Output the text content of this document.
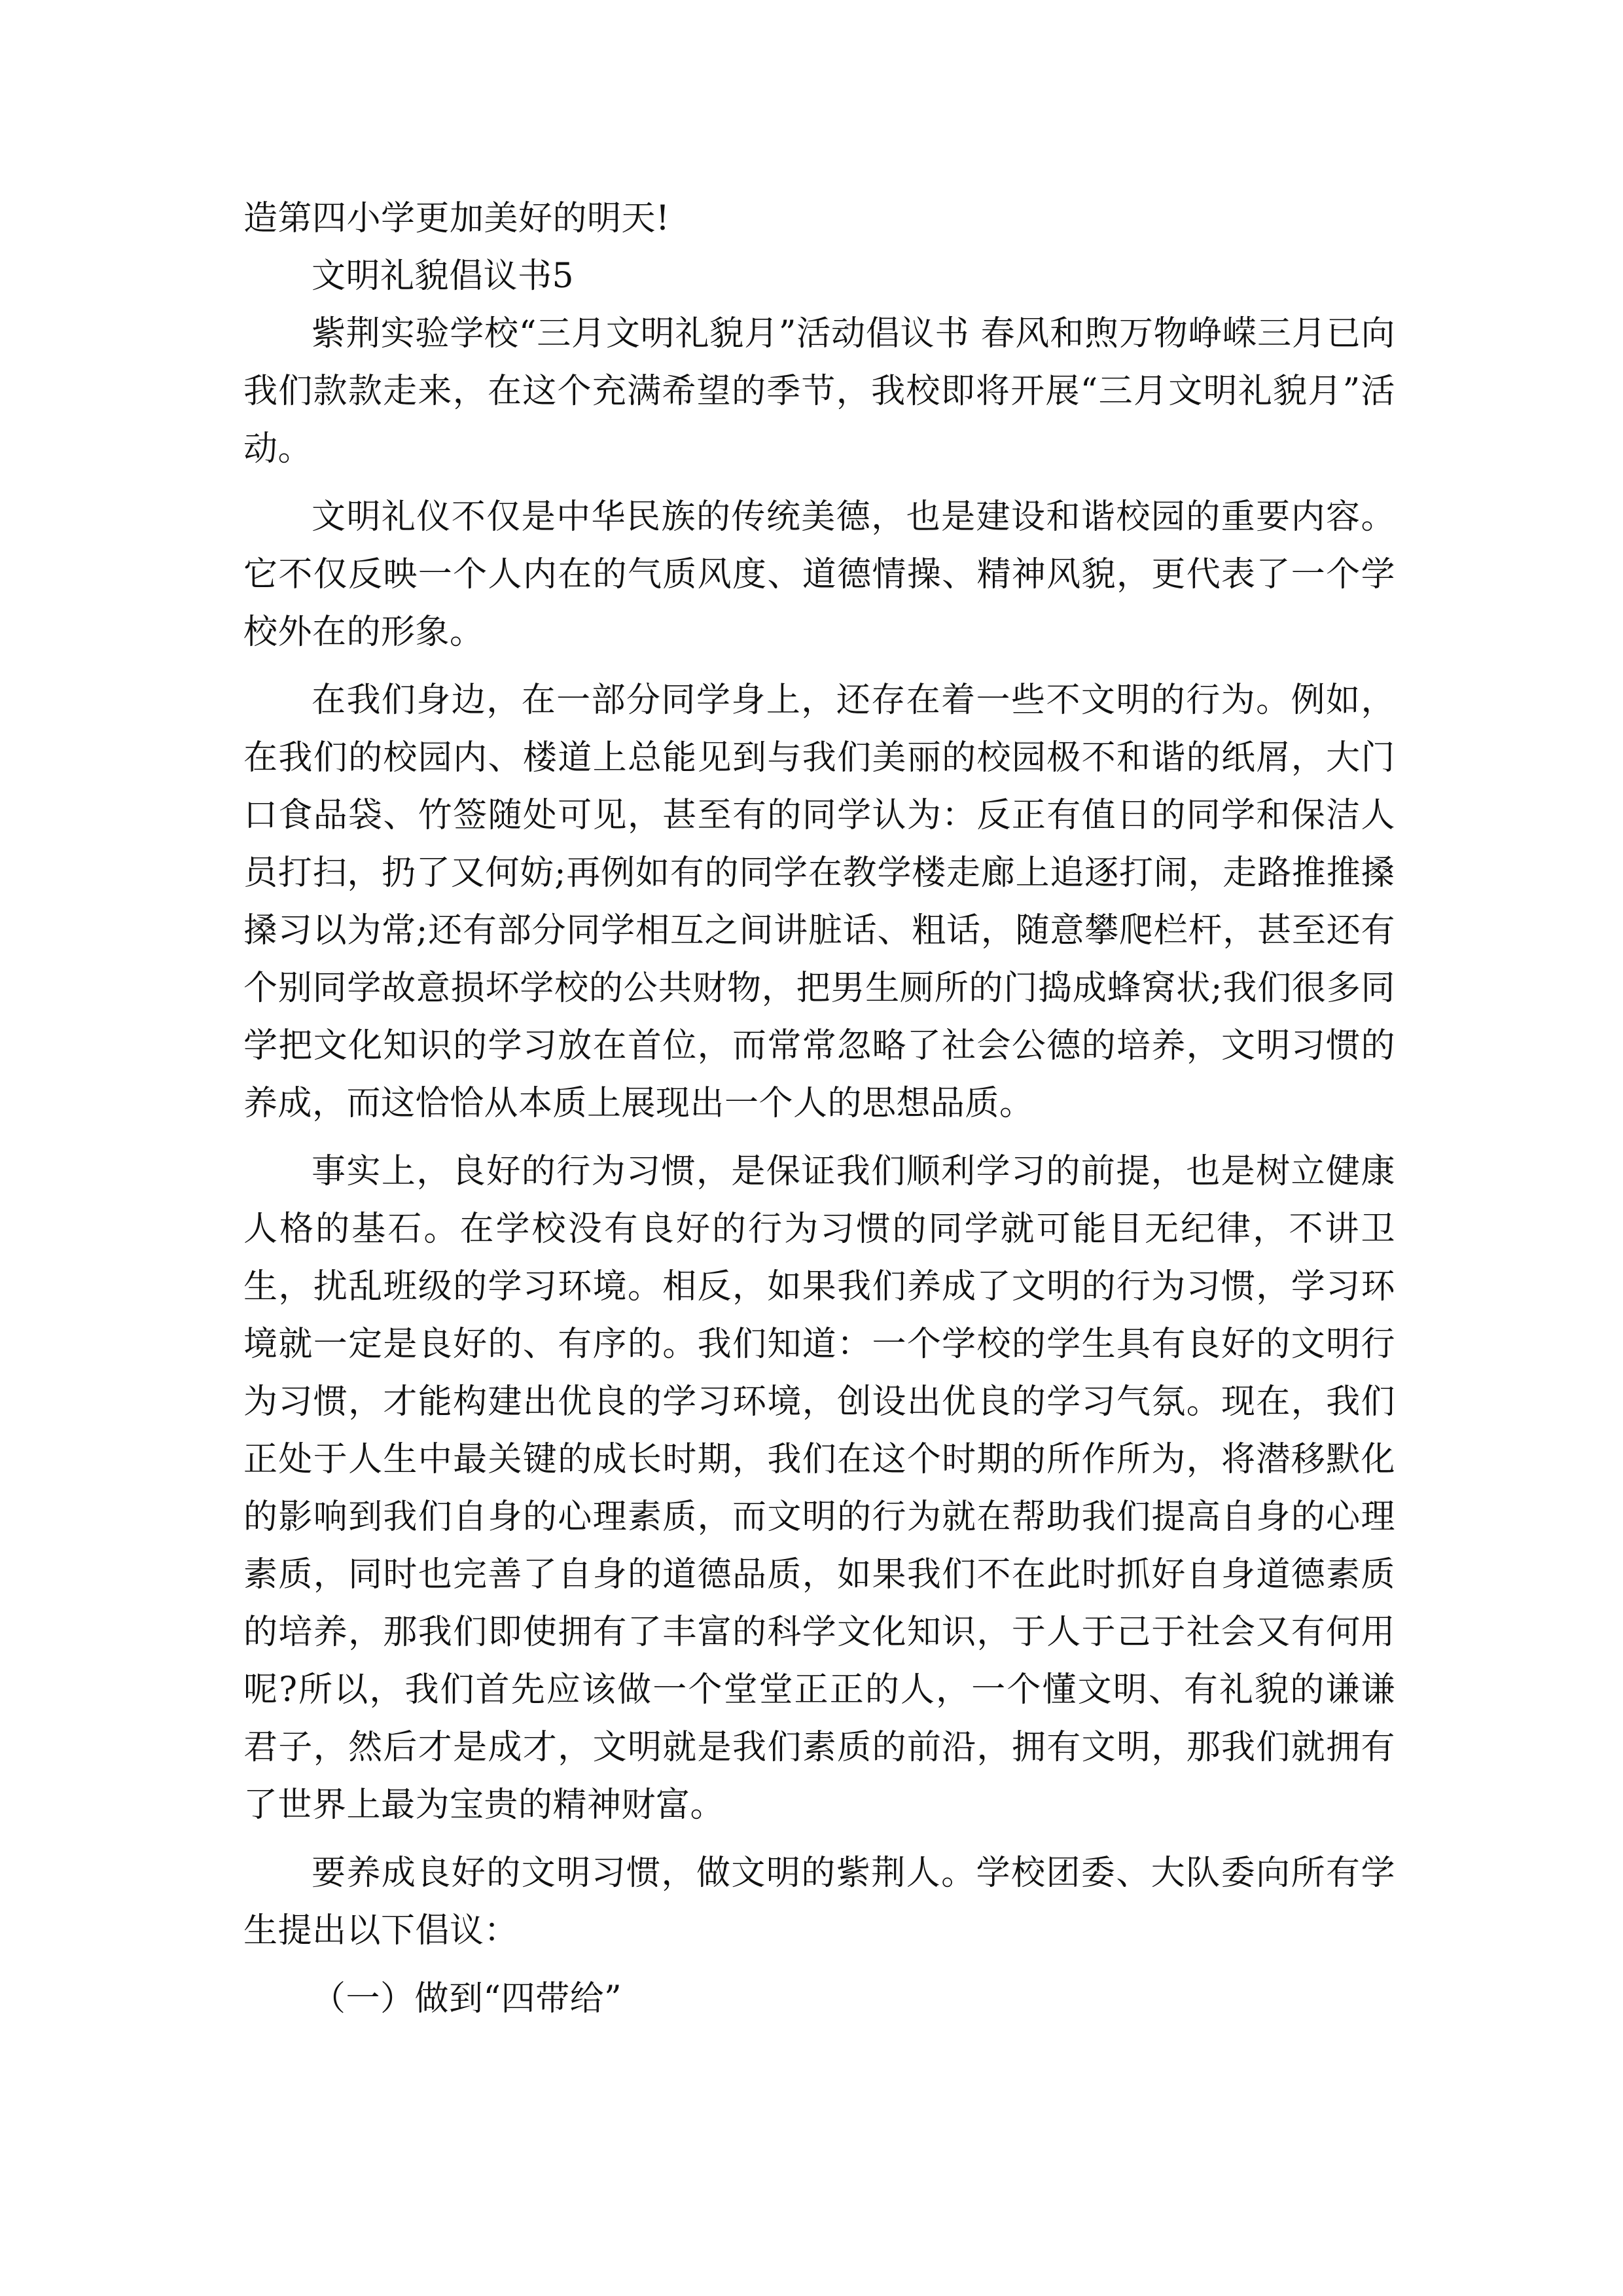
造第四小学更加美好的明天!

文明礼貌倡议书5

紫荆实验学校“三月文明礼貌月”活动倡议书 春风和煦万物峥嵘三月已向我们款款走来，在这个充满希望的季节，我校即将开展“三月文明礼貌月”活动。

文明礼仪不仅是中华民族的传统美德，也是建设和谐校园的重要内容。它不仅反映一个人内在的气质风度、道德情操、精神风貌，更代表了一个学校外在的形象。

在我们身边，在一部分同学身上，还存在着一些不文明的行为。例如，在我们的校园内、楼道上总能见到与我们美丽的校园极不和谐的纸屑，大门口食品袋、竹签随处可见，甚至有的同学认为：反正有值日的同学和保洁人员打扫，扔了又何妨;再例如有的同学在教学楼走廊上追逐打闹，走路推推搡搡习以为常;还有部分同学相互之间讲脏话、粗话，随意攀爬栏杆，甚至还有个别同学故意损坏学校的公共财物，把男生厕所的门捣成蜂窝状;我们很多同学把文化知识的学习放在首位，而常常忽略了社会公德的培养，文明习惯的养成，而这恰恰从本质上展现出一个人的思想品质。

事实上，良好的行为习惯，是保证我们顺利学习的前提，也是树立健康人格的基石。在学校没有良好的行为习惯的同学就可能目无纪律，不讲卫生，扰乱班级的学习环境。相反，如果我们养成了文明的行为习惯，学习环境就一定是良好的、有序的。我们知道：一个学校的学生具有良好的文明行为习惯，才能构建出优良的学习环境，创设出优良的学习气氛。现在，我们正处于人生中最关键的成长时期，我们在这个时期的所作所为，将潜移默化的影响到我们自身的心理素质，而文明的行为就在帮助我们提高自身的心理素质，同时也完善了自身的道德品质，如果我们不在此时抓好自身道德素质的培养，那我们即使拥有了丰富的科学文化知识，于人于己于社会又有何用呢?所以，我们首先应该做一个堂堂正正的人，一个懂文明、有礼貌的谦谦君子，然后才是成才，文明就是我们素质的前沿，拥有文明，那我们就拥有了世界上最为宝贵的精神财富。

要养成良好的文明习惯，做文明的紫荆人。学校团委、大队委向所有学生提出以下倡议：

（一）做到“四带给”
